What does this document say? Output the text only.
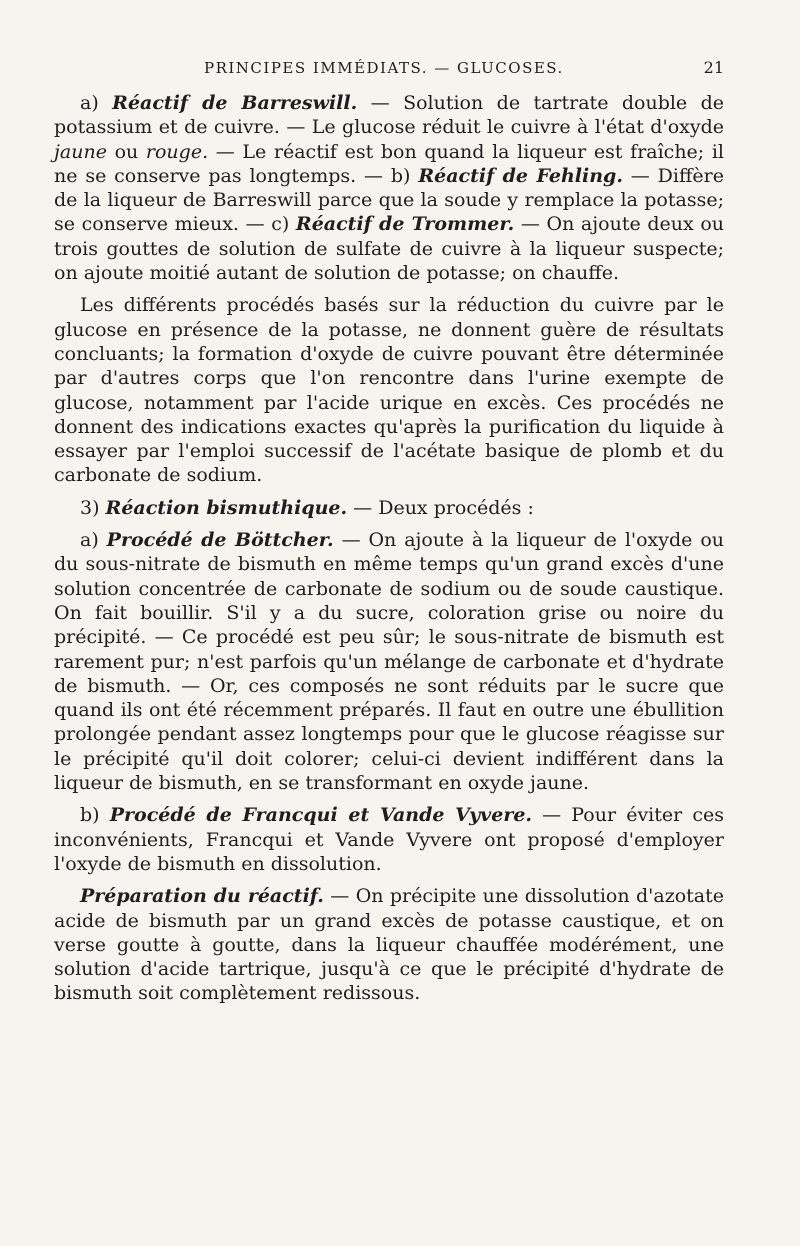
PRINCIPES IMMÉDIATS. — GLUCOSES.	21

a) Réactif de Barreswill. — Solution de tartrate double de potassium et de cuivre. — Le glucose réduit le cuivre à l'état d'oxyde jaune ou rouge. — Le réactif est bon quand la liqueur est fraîche; il ne se conserve pas longtemps. — b) Réactif de Fehling. — Diffère de la liqueur de Barreswill parce que la soude y remplace la potasse; se conserve mieux. — c) Réactif de Trommer. — On ajoute deux ou trois gouttes de solution de sulfate de cuivre à la liqueur suspecte; on ajoute moitié autant de solution de potasse; on chauffe.

Les différents procédés basés sur la réduction du cuivre par le glucose en présence de la potasse, ne donnent guère de résultats concluants; la formation d'oxyde de cuivre pouvant être déterminée par d'autres corps que l'on rencontre dans l'urine exempte de glucose, notamment par l'acide urique en excès. Ces procédés ne donnent des indications exactes qu'après la purification du liquide à essayer par l'emploi successif de l'acétate basique de plomb et du carbonate de sodium.

3) Réaction bismuthique. — Deux procédés :

a) Procédé de Böttcher. — On ajoute à la liqueur de l'oxyde ou du sous-nitrate de bismuth en même temps qu'un grand excès d'une solution concentrée de carbonate de sodium ou de soude caustique. On fait bouillir. S'il y a du sucre, coloration grise ou noire du précipité. — Ce procédé est peu sûr; le sous-nitrate de bismuth est rarement pur; n'est parfois qu'un mélange de carbonate et d'hydrate de bismuth. — Or, ces composés ne sont réduits par le sucre que quand ils ont été récemment préparés. Il faut en outre une ébullition prolongée pendant assez longtemps pour que le glucose réagisse sur le précipité qu'il doit colorer; celui-ci devient indifférent dans la liqueur de bismuth, en se transformant en oxyde jaune.

b) Procédé de Francqui et Vande Vyvere. — Pour éviter ces inconvénients, Francqui et Vande Vyvere ont proposé d'employer l'oxyde de bismuth en dissolution.

Préparation du réactif. — On précipite une dissolution d'azotate acide de bismuth par un grand excès de potasse caustique, et on verse goutte à goutte, dans la liqueur chauffée modérément, une solution d'acide tartrique, jusqu'à ce que le précipité d'hydrate de bismuth soit complètement redissous.
